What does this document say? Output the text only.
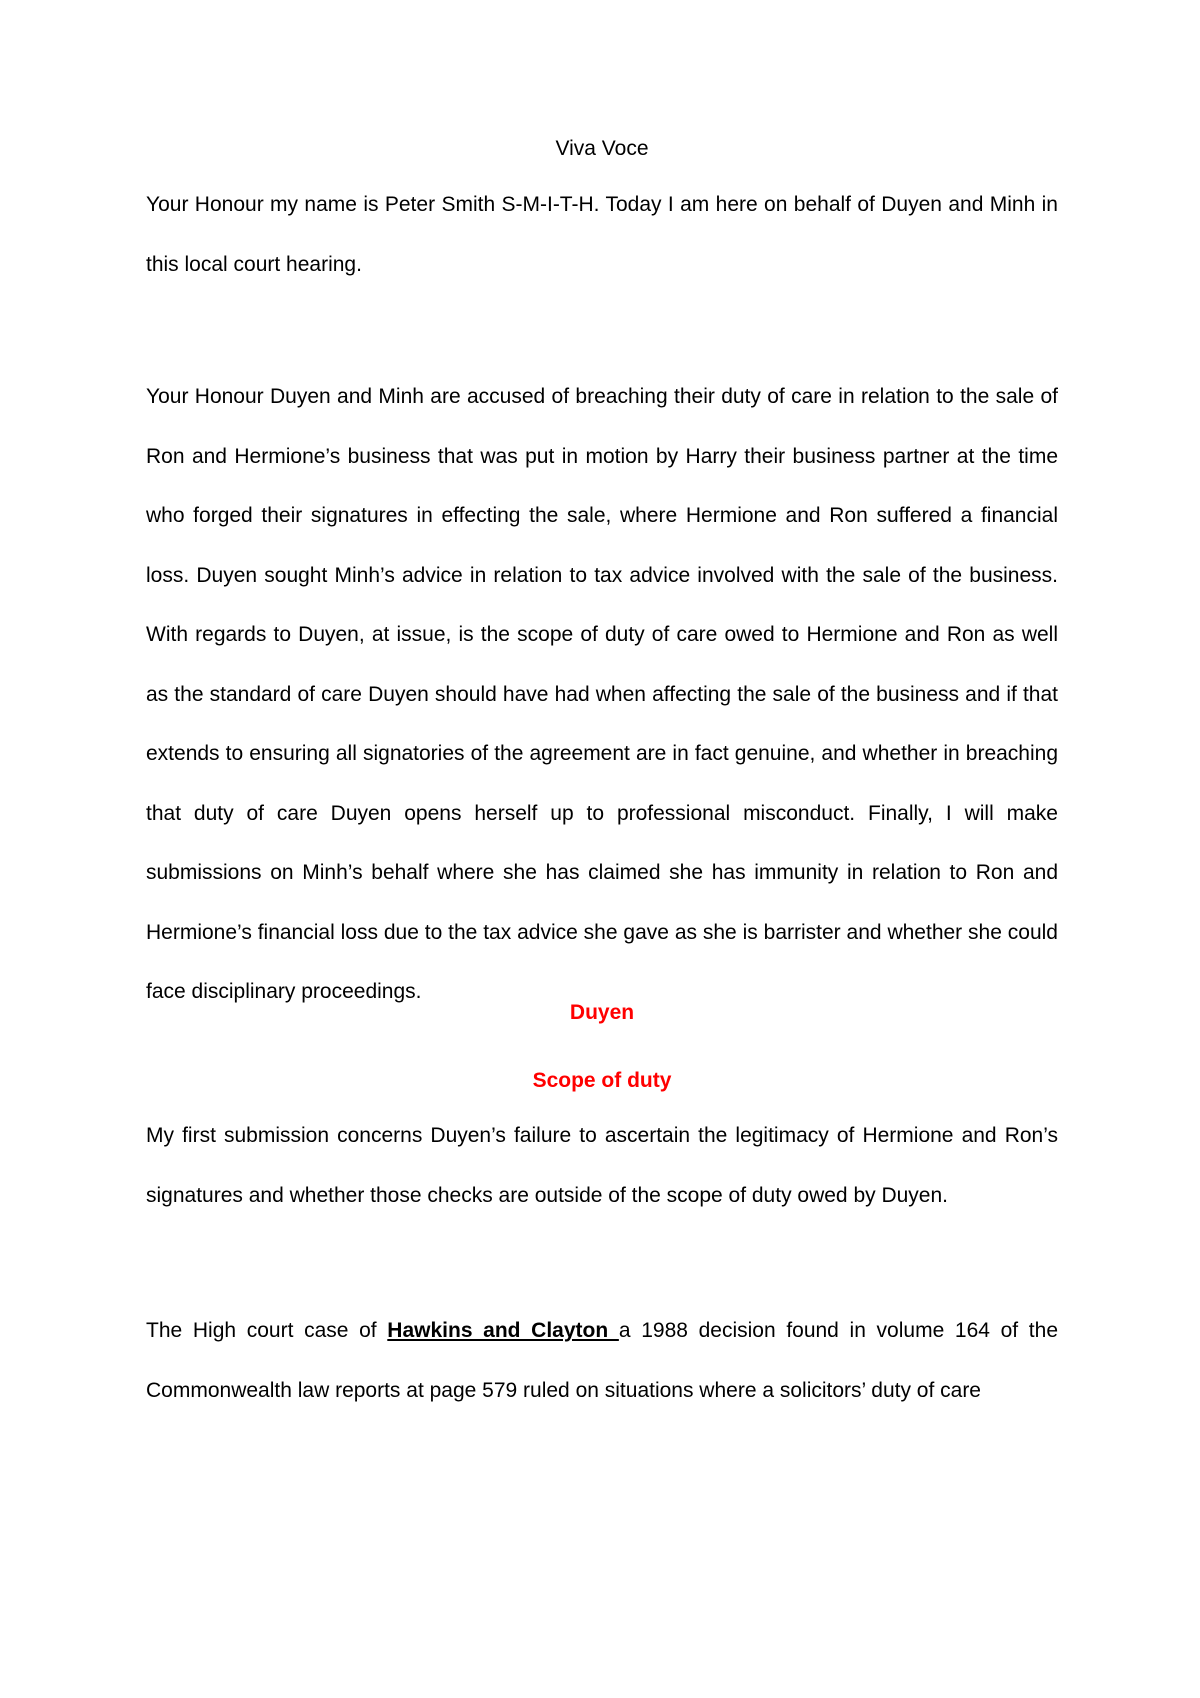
Viva Voce

Your Honour my name is Peter Smith S-M-I-T-H. Today I am here on behalf of Duyen and Minh in this local court hearing.

Your Honour Duyen and Minh are accused of breaching their duty of care in relation to the sale of Ron and Hermione’s business that was put in motion by Harry their business partner at the time who forged their signatures in effecting the sale, where Hermione and Ron suffered a financial loss. Duyen sought Minh’s advice in relation to tax advice involved with the sale of the business. With regards to Duyen, at issue, is the scope of duty of care owed to Hermione and Ron as well as the standard of care Duyen should have had when affecting the sale of the business and if that extends to ensuring all signatories of the agreement are in fact genuine, and whether in breaching that duty of care Duyen opens herself up to professional misconduct. Finally, I will make submissions on Minh’s behalf where she has claimed she has immunity in relation to Ron and Hermione’s financial loss due to the tax advice she gave as she is barrister and whether she could face disciplinary proceedings.

Duyen
Scope of duty

My first submission concerns Duyen’s failure to ascertain the legitimacy of Hermione and Ron’s signatures and whether those checks are outside of the scope of duty owed by Duyen.

The High court case of Hawkins and Clayton a 1988 decision found in volume 164 of the Commonwealth law reports at page 579 ruled on situations where a solicitors’ duty of care
